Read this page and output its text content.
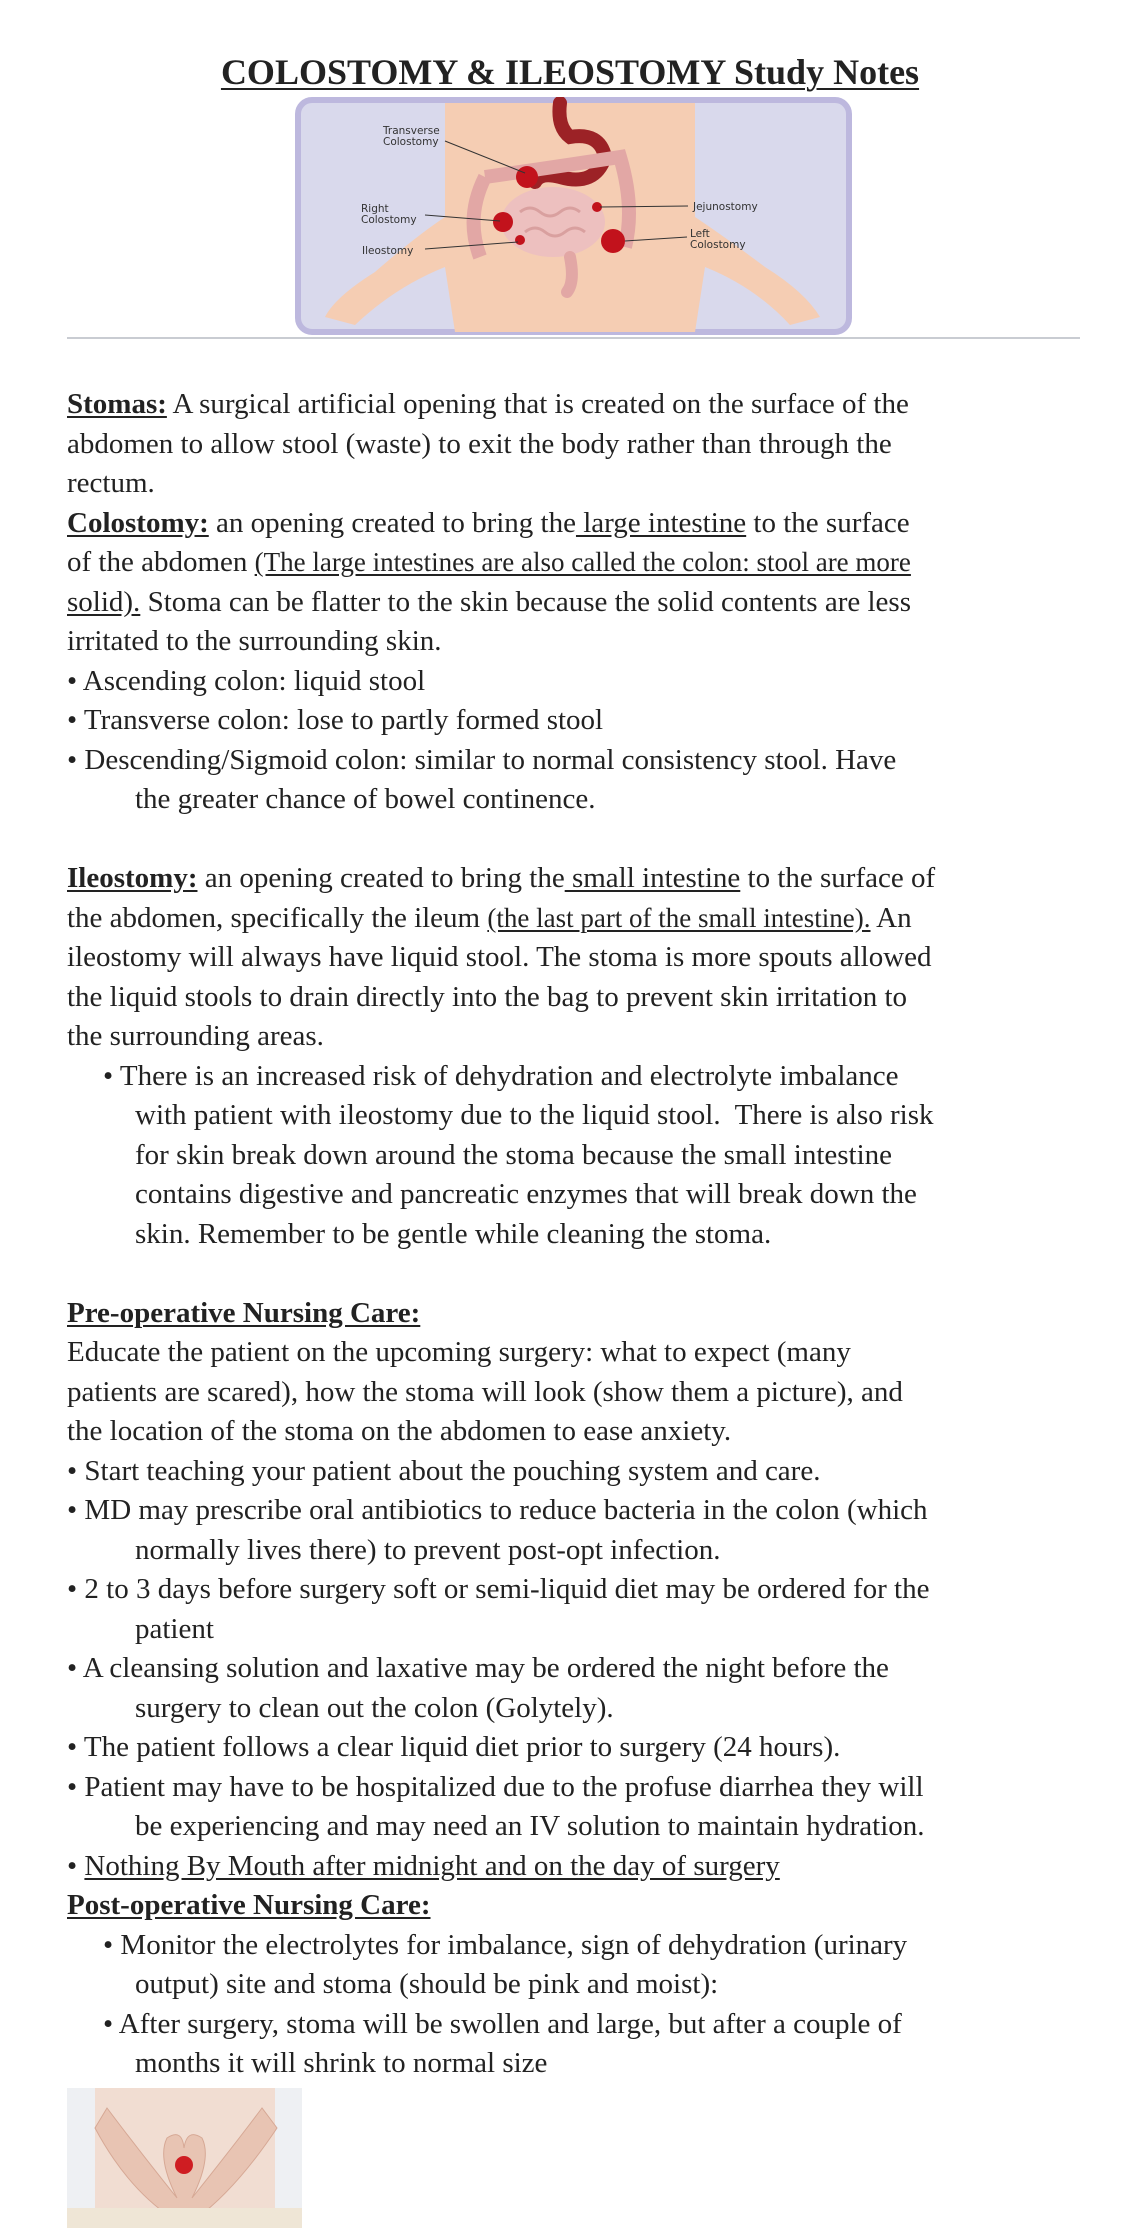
COLOSTOMY & ILEOSTOMY Study Notes
Transverse
Colostomy
Right
Colostomy
Ileostomy
Jejunostomy
Left
Colostomy
Stomas: A surgical artificial opening that is created on the surface of the
abdomen to allow stool (waste) to exit the body rather than through the
rectum.
Colostomy: an opening created to bring the large intestine to the surface
of the abdomen (The large intestines are also called the colon: stool are more
solid). Stoma can be flatter to the skin because the solid contents are less
irritated to the surrounding skin.
• Ascending colon: liquid stool
• Transverse colon: lose to partly formed stool
• Descending/Sigmoid colon: similar to normal consistency stool. Have
the greater chance of bowel continence.
Ileostomy: an opening created to bring the small intestine to the surface of
the abdomen, specifically the ileum (the last part of the small intestine). An
ileostomy will always have liquid stool. The stoma is more spouts allowed
the liquid stools to drain directly into the bag to prevent skin irritation to
the surrounding areas.
• There is an increased risk of dehydration and electrolyte imbalance
with patient with ileostomy due to the liquid stool.  There is also risk
for skin break down around the stoma because the small intestine
contains digestive and pancreatic enzymes that will break down the
skin. Remember to be gentle while cleaning the stoma.
Pre-operative Nursing Care:
Educate the patient on the upcoming surgery: what to expect (many
patients are scared), how the stoma will look (show them a picture), and
the location of the stoma on the abdomen to ease anxiety.
• Start teaching your patient about the pouching system and care.
• MD may prescribe oral antibiotics to reduce bacteria in the colon (which
normally lives there) to prevent post-opt infection.
• 2 to 3 days before surgery soft or semi-liquid diet may be ordered for the
patient
• A cleansing solution and laxative may be ordered the night before the
surgery to clean out the colon (Golytely).
• The patient follows a clear liquid diet prior to surgery (24 hours).
• Patient may have to be hospitalized due to the profuse diarrhea they will
be experiencing and may need an IV solution to maintain hydration.
• Nothing By Mouth after midnight and on the day of surgery
Post-operative Nursing Care:
• Monitor the electrolytes for imbalance, sign of dehydration (urinary
output) site and stoma (should be pink and moist):
• After surgery, stoma will be swollen and large, but after a couple of
months it will shrink to normal size
